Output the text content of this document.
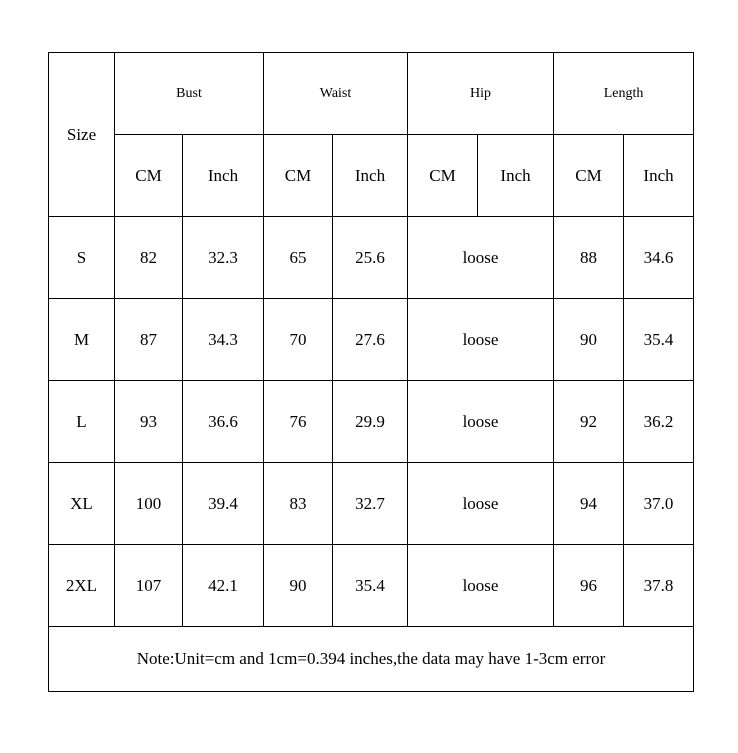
Size	Bust		Waist		Hip		Length	
	CM	Inch	CM	Inch	CM	Inch	CM	Inch
S	82	32.3	65	25.6	loose		88	34.6
M	87	34.3	70	27.6	loose		90	35.4
L	93	36.6	76	29.9	loose		92	36.2
XL	100	39.4	83	32.7	loose		94	37.0
2XL	107	42.1	90	35.4	loose		96	37.8
Note:Unit=cm and 1cm=0.394 inches,the data may have 1-3cm error								
